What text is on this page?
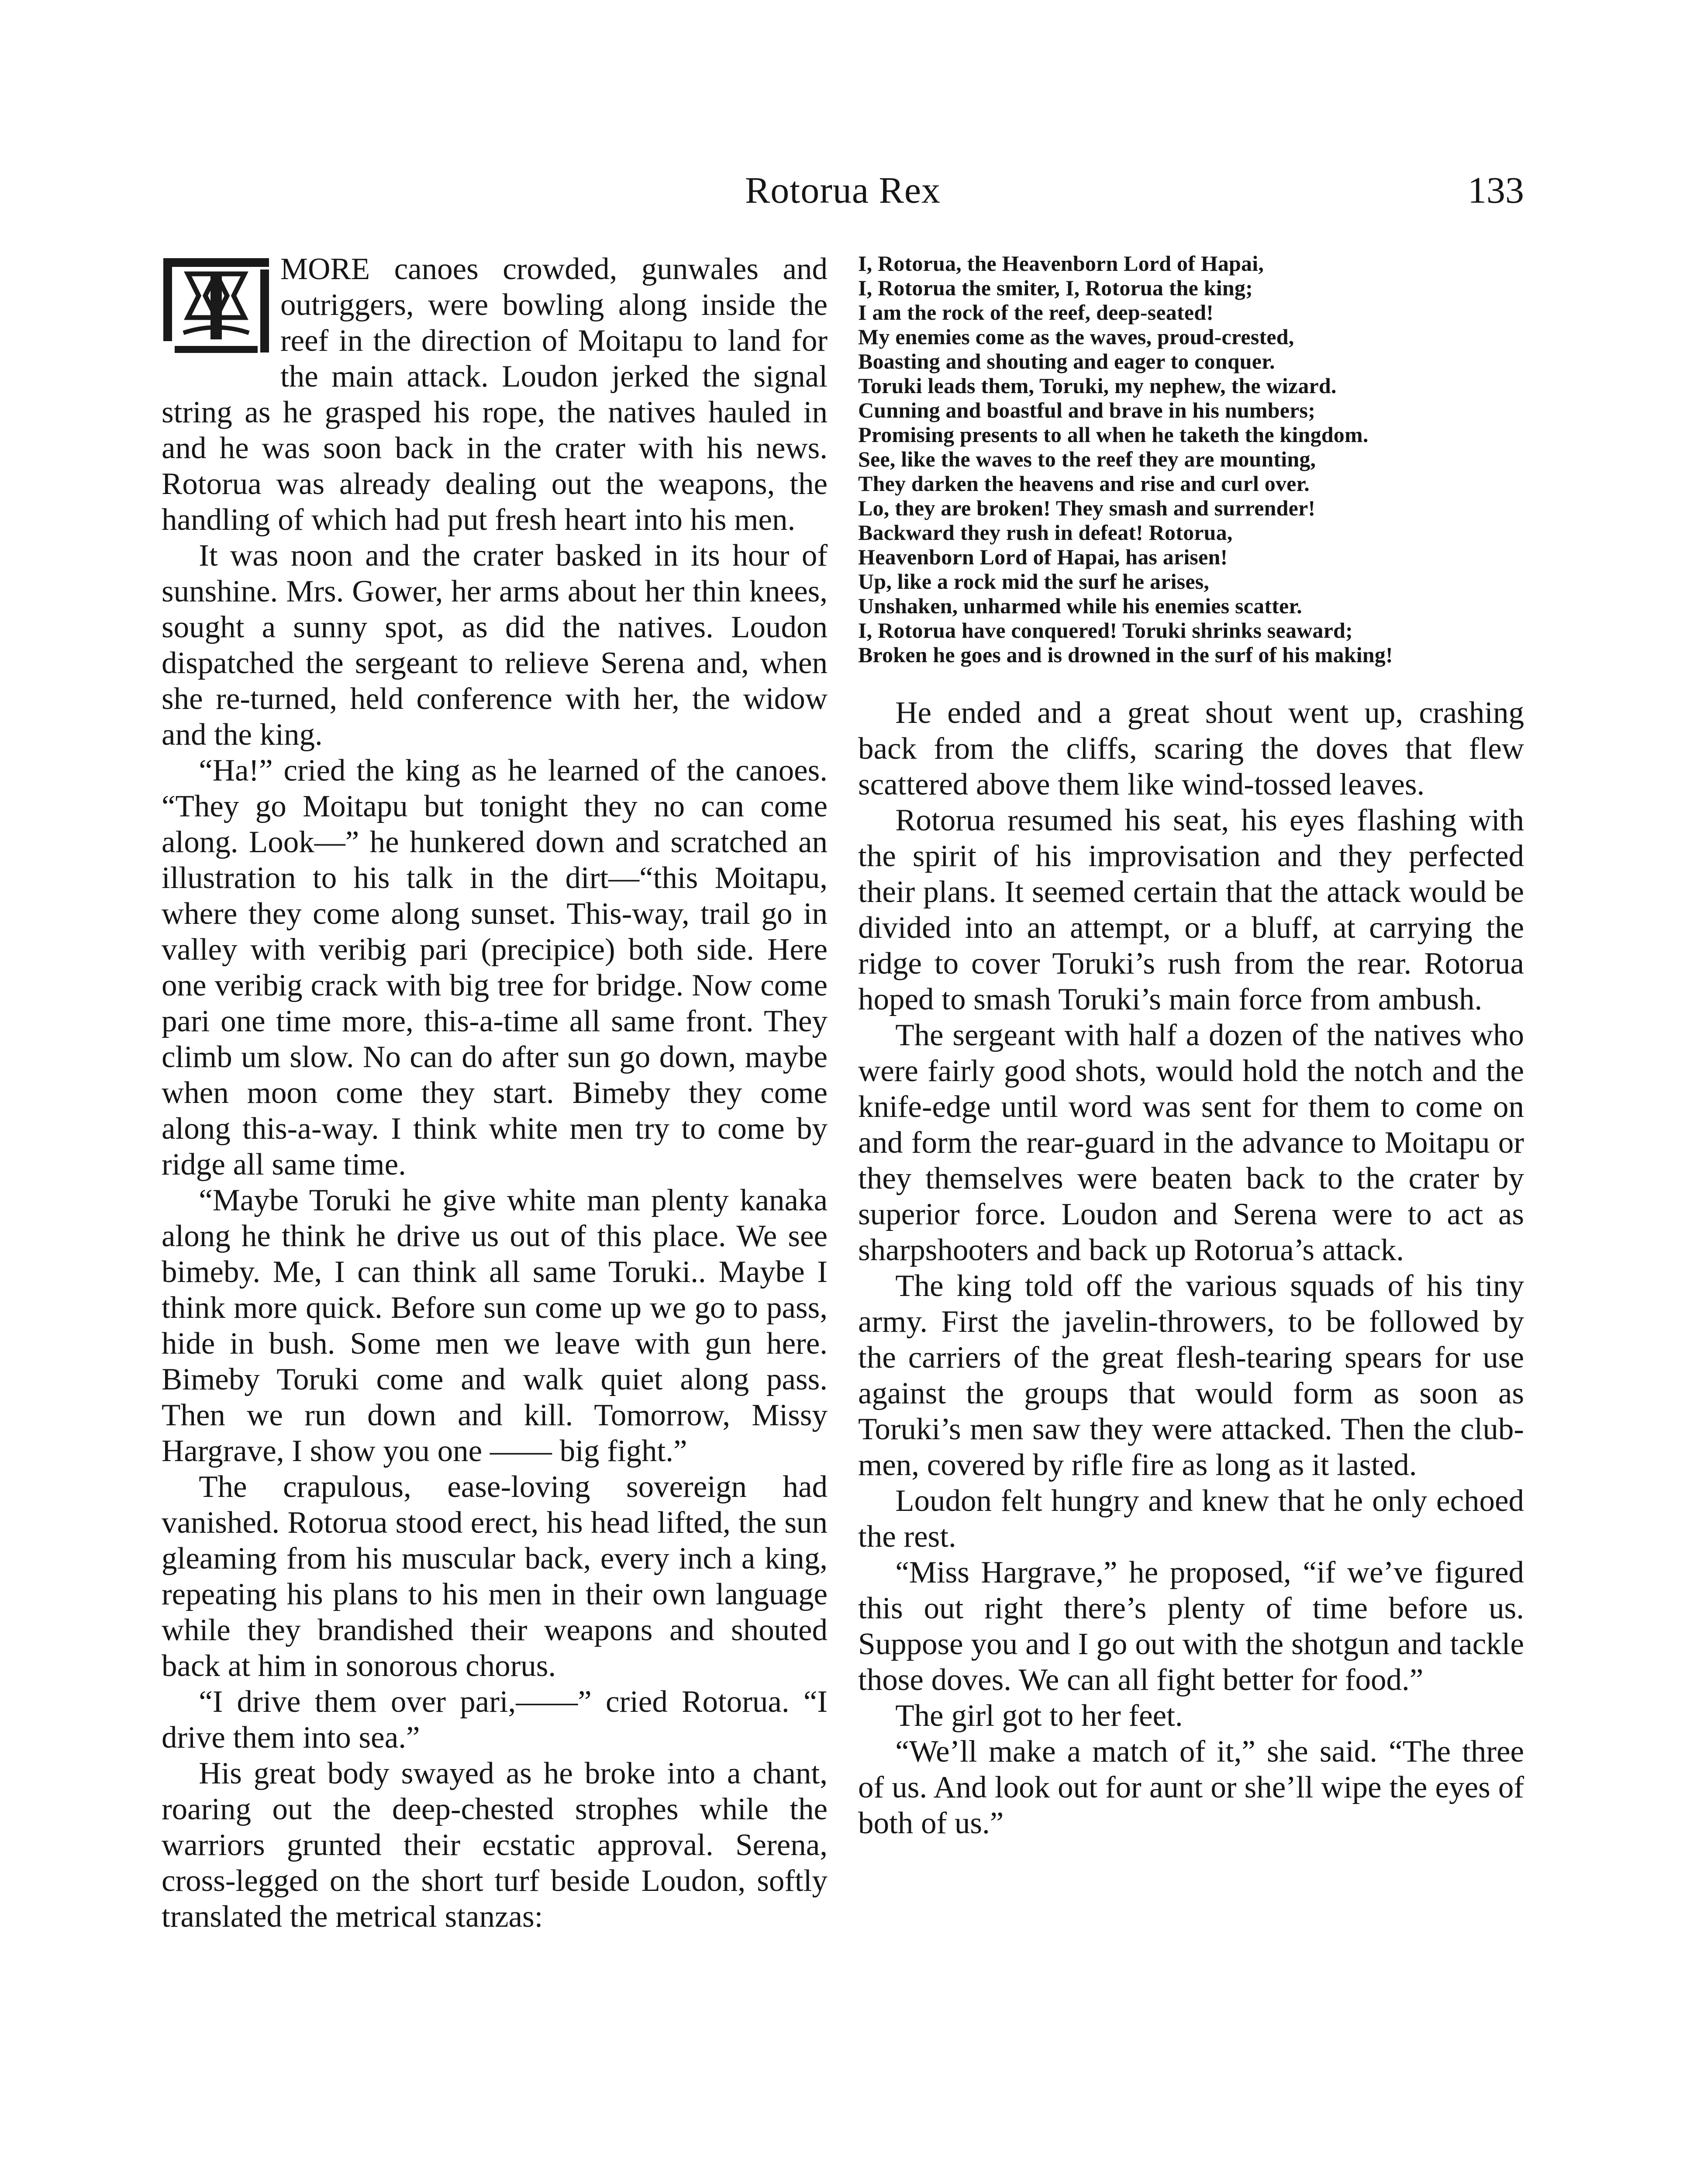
Rotorua Rex	133

MORE canoes crowded, gunwales and outriggers, were bowling along inside the reef in the direction of Moitapu to land for the main attack. Loudon jerked the signal string as he grasped his rope, the natives hauled in and he was soon back in the crater with his news. Rotorua was already dealing out the weapons, the handling of which had put fresh heart into his men.

It was noon and the crater basked in its hour of sunshine. Mrs. Gower, her arms about her thin knees, sought a sunny spot, as did the natives. Loudon dispatched the sergeant to relieve Serena and, when she re-turned, held conference with her, the widow and the king.

“Ha!” cried the king as he learned of the canoes. “They go Moitapu but tonight they no can come along. Look—” he hunkered down and scratched an illustration to his talk in the dirt—“this Moitapu, where they come along sunset. This-way, trail go in valley with veribig pari (precipice) both side. Here one veribig crack with big tree for bridge. Now come pari one time more, this-a-time all same front. They climb um slow. No can do after sun go down, maybe when moon come they start. Bimeby they come along this-a-way. I think white men try to come by ridge all same time.

“Maybe Toruki he give white man plenty kanaka along he think he drive us out of this place. We see bimeby. Me, I can think all same Toruki.. Maybe I think more quick. Before sun come up we go to pass, hide in bush. Some men we leave with gun here. Bimeby Toruki come and walk quiet along pass. Then we run down and kill. Tomorrow, Missy Hargrave, I show you one —— big fight.”

The crapulous, ease-loving sovereign had vanished. Rotorua stood erect, his head lifted, the sun gleaming from his muscular back, every inch a king, repeating his plans to his men in their own language while they brandished their weapons and shouted back at him in sonorous chorus.

“I drive them over pari,——” cried Rotorua. “I drive them into sea.”

His great body swayed as he broke into a chant, roaring out the deep-chested strophes while the warriors grunted their ecstatic approval. Serena, cross-legged on the short turf beside Loudon, softly translated the metrical stanzas:

I, Rotorua, the Heavenborn Lord of Hapai,
I, Rotorua the smiter, I, Rotorua the king;
I am the rock of the reef, deep-seated!
My enemies come as the waves, proud-crested,
Boasting and shouting and eager to conquer.
Toruki leads them, Toruki, my nephew, the wizard.
Cunning and boastful and brave in his numbers;
Promising presents to all when he taketh the kingdom.
See, like the waves to the reef they are mounting,
They darken the heavens and rise and curl over.
Lo, they are broken! They smash and surrender!
Backward they rush in defeat! Rotorua,
Heavenborn Lord of Hapai, has arisen!
Up, like a rock mid the surf he arises,
Unshaken, unharmed while his enemies scatter.
I, Rotorua have conquered! Toruki shrinks seaward;
Broken he goes and is drowned in the surf of his making!

He ended and a great shout went up, crashing back from the cliffs, scaring the doves that flew scattered above them like wind-tossed leaves.

Rotorua resumed his seat, his eyes flashing with the spirit of his improvisation and they perfected their plans. It seemed certain that the attack would be divided into an attempt, or a bluff, at carrying the ridge to cover Toruki’s rush from the rear. Rotorua hoped to smash Toruki’s main force from ambush.

The sergeant with half a dozen of the natives who were fairly good shots, would hold the notch and the knife-edge until word was sent for them to come on and form the rear-guard in the advance to Moitapu or they themselves were beaten back to the crater by superior force. Loudon and Serena were to act as sharpshooters and back up Rotorua’s attack.

The king told off the various squads of his tiny army. First the javelin-throwers, to be followed by the carriers of the great flesh-tearing spears for use against the groups that would form as soon as Toruki’s men saw they were attacked. Then the clubmen, covered by rifle fire as long as it lasted.

Loudon felt hungry and knew that he only echoed the rest.

“Miss Hargrave,” he proposed, “if we’ve figured this out right there’s plenty of time before us. Suppose you and I go out with the shotgun and tackle those doves. We can all fight better for food.”

The girl got to her feet.

“We’ll make a match of it,” she said. “The three of us. And look out for aunt or she’ll wipe the eyes of both of us.”
